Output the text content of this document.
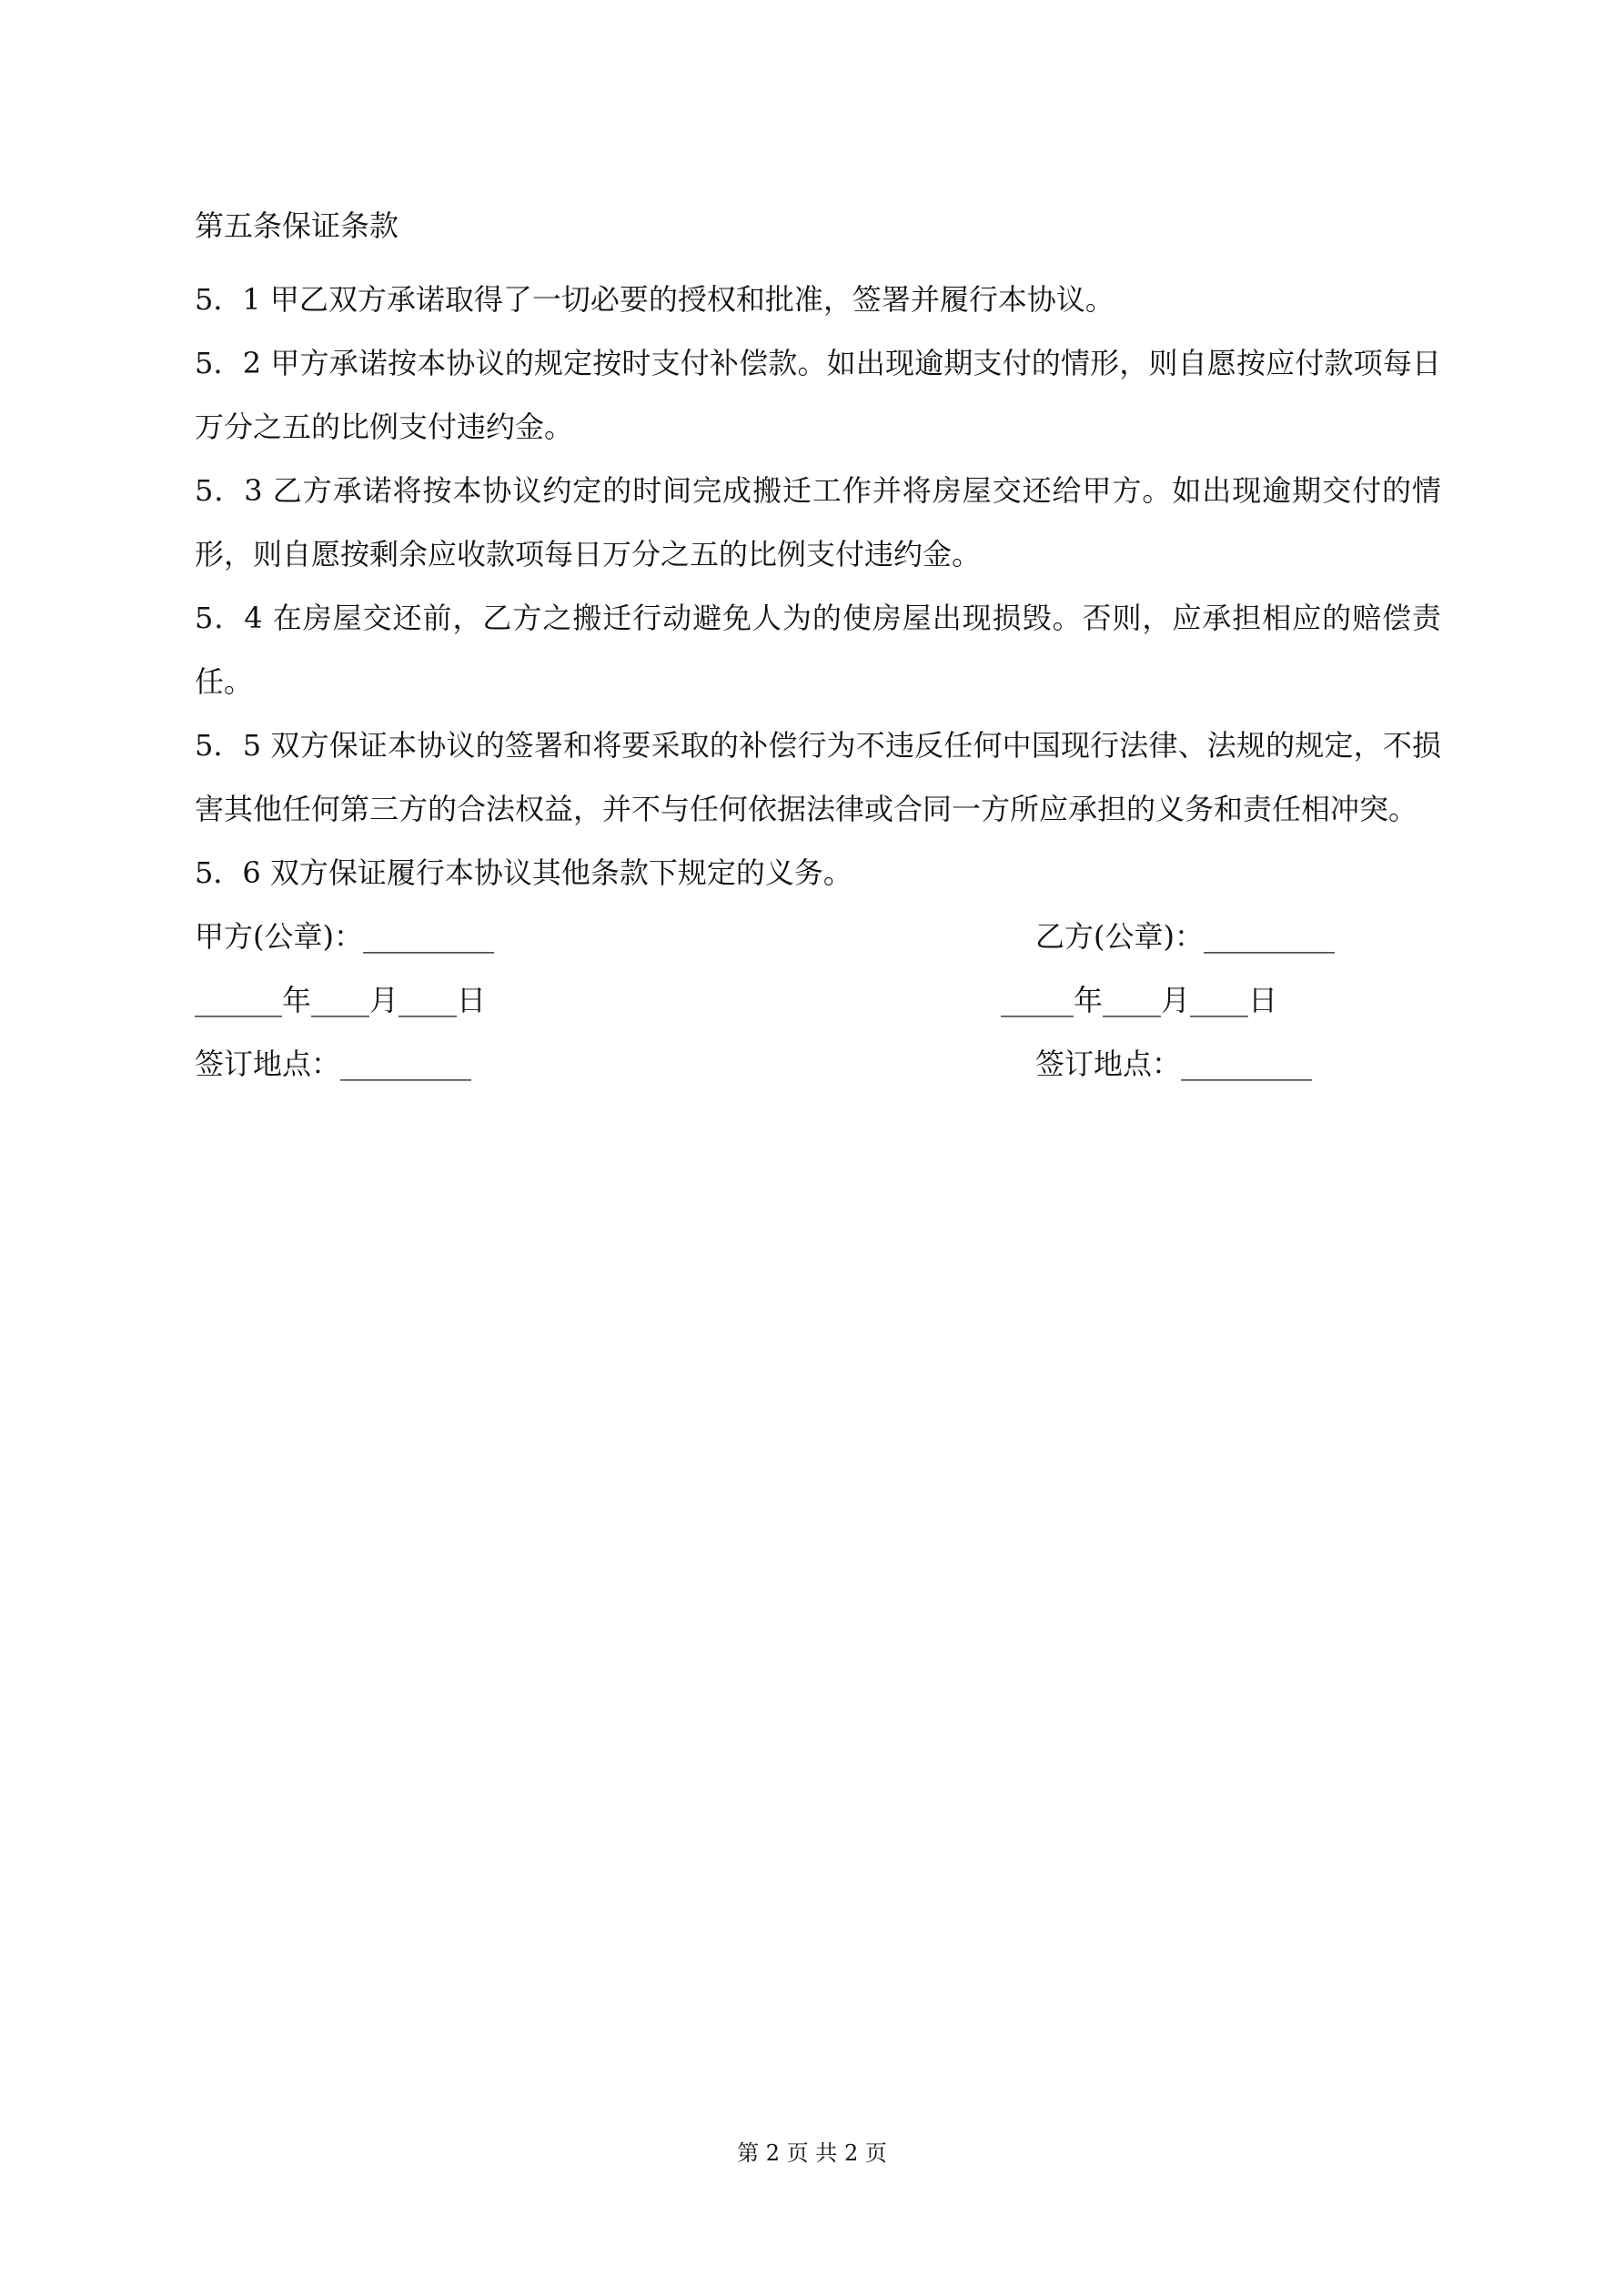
第五条保证条款

5．1 甲乙双方承诺取得了一切必要的授权和批准，签署并履行本协议。

5．2 甲方承诺按本协议的规定按时支付补偿款。如出现逾期支付的情形，则自愿按应付款项每日万分之五的比例支付违约金。

5．3 乙方承诺将按本协议约定的时间完成搬迁工作并将房屋交还给甲方。如出现逾期交付的情形，则自愿按剩余应收款项每日万分之五的比例支付违约金。

5．4 在房屋交还前，乙方之搬迁行动避免人为的使房屋出现损毁。否则，应承担相应的赔偿责任。

5．5 双方保证本协议的签署和将要采取的补偿行为不违反任何中国现行法律、法规的规定，不损害其他任何第三方的合法权益，并不与任何依据法律或合同一方所应承担的义务和责任相冲突。

5．6 双方保证履行本协议其他条款下规定的义务。

甲方(公章)：_________	乙方(公章)：_________
______年____月____日	_____年____月____日
签订地点：_________	签订地点：_________
第 2 页 共 2 页
